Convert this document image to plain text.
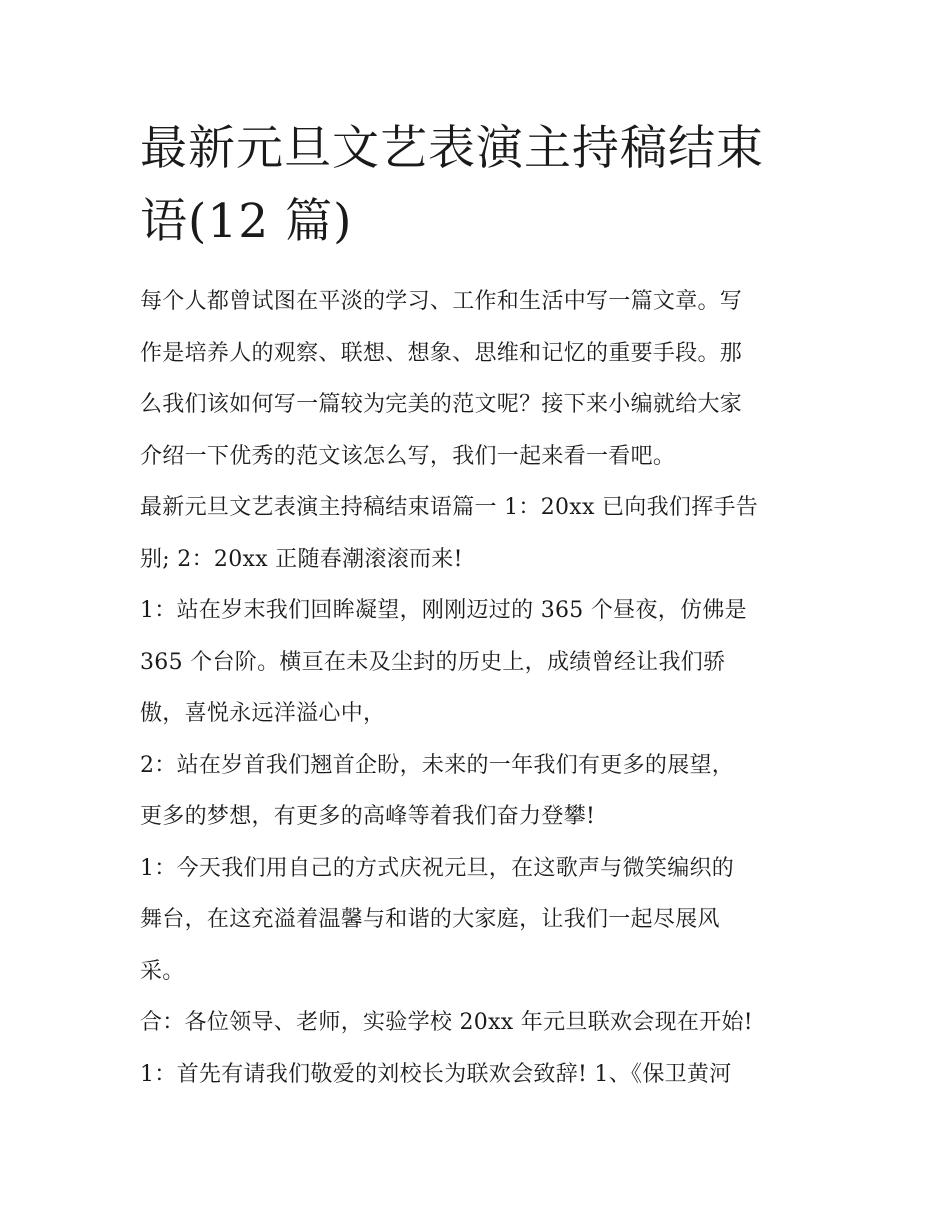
最新元旦文艺表演主持稿结束
语(12 篇)
每个人都曾试图在平淡的学习、工作和生活中写一篇文章。写
作是培养人的观察、联想、想象、思维和记忆的重要手段。那
么我们该如何写一篇较为完美的范文呢？接下来小编就给大家
介绍一下优秀的范文该怎么写，我们一起来看一看吧。
最新元旦文艺表演主持稿结束语篇一 1：20xx 已向我们挥手告
别; 2：20xx 正随春潮滚滚而来!
1：站在岁末我们回眸凝望，刚刚迈过的 365 个昼夜，仿佛是
365 个台阶。横亘在未及尘封的历史上，成绩曾经让我们骄
傲，喜悦永远洋溢心中，
2：站在岁首我们翘首企盼，未来的一年我们有更多的展望，
更多的梦想，有更多的高峰等着我们奋力登攀!
1：今天我们用自己的方式庆祝元旦，在这歌声与微笑编织的
舞台，在这充溢着温馨与和谐的大家庭，让我们一起尽展风
采。
合：各位领导、老师，实验学校 20xx 年元旦联欢会现在开始!
1：首先有请我们敬爱的刘校长为联欢会致辞! 1、《保卫黄河
